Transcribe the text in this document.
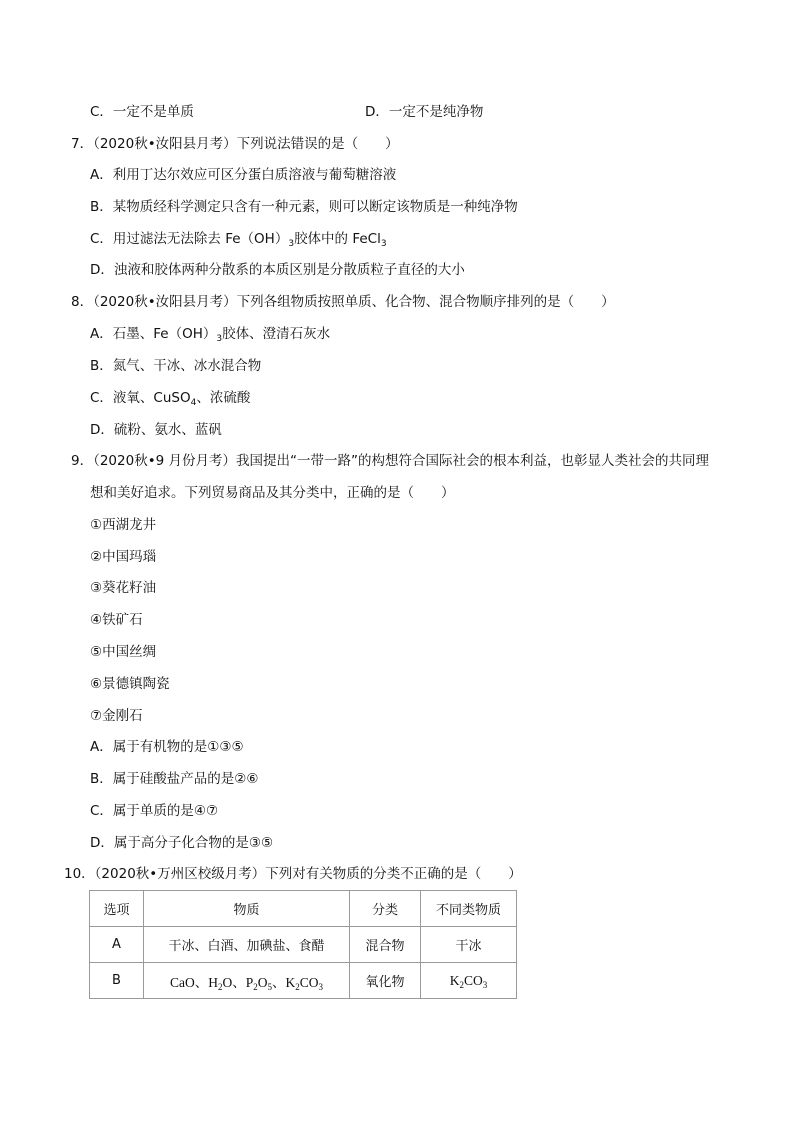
C．一定不是单质	D．一定不是纯净物
7．（2020秋•汝阳县月考）下列说法错误的是（　　）
A．利用丁达尔效应可区分蛋白质溶液与葡萄糖溶液
B．某物质经科学测定只含有一种元素，则可以断定该物质是一种纯净物
C．用过滤法无法除去 $Fe(OH)_3$胶体中的 FeCl$_3$
D．浊液和胶体两种分散系的本质区别是分散质粒子直径的大小
8．（2020秋•汝阳县月考）下列各组物质按照单质、化合物、混合物顺序排列的是（　　）
A．石墨、$Fe(OH)_3$胶体、澄清石灰水
B．氮气、干冰、冰水混合物
C．液氧、CuSO$_4$、浓硫酸
D．硫粉、氨水、蓝矾
9．（2020秋•9 月份月考）我国提出“一带一路”的构想符合国际社会的根本利益，也彰显人类社会的共同理
想和美好追求。下列贸易商品及其分类中，正确的是（　　）
①西湖龙井
②中国玛瑙
③葵花籽油
④铁矿石
⑤中国丝绸
⑥景德镇陶瓷
⑦金刚石
A．属于有机物的是①③⑤
B．属于硅酸盐产品的是②⑥
C．属于单质的是④⑦
D．属于高分子化合物的是③⑤
10．（2020秋•万州区校级月考）下列对有关物质的分类不正确的是（　　）
选项	物质	分类	不同类物质
A	干冰、白酒、加碘盐、食醋	混合物	干冰
B	CaO、$H_2O$、$P_2O_5$、$K_2CO_3$	氧化物	$K_2CO_3$
